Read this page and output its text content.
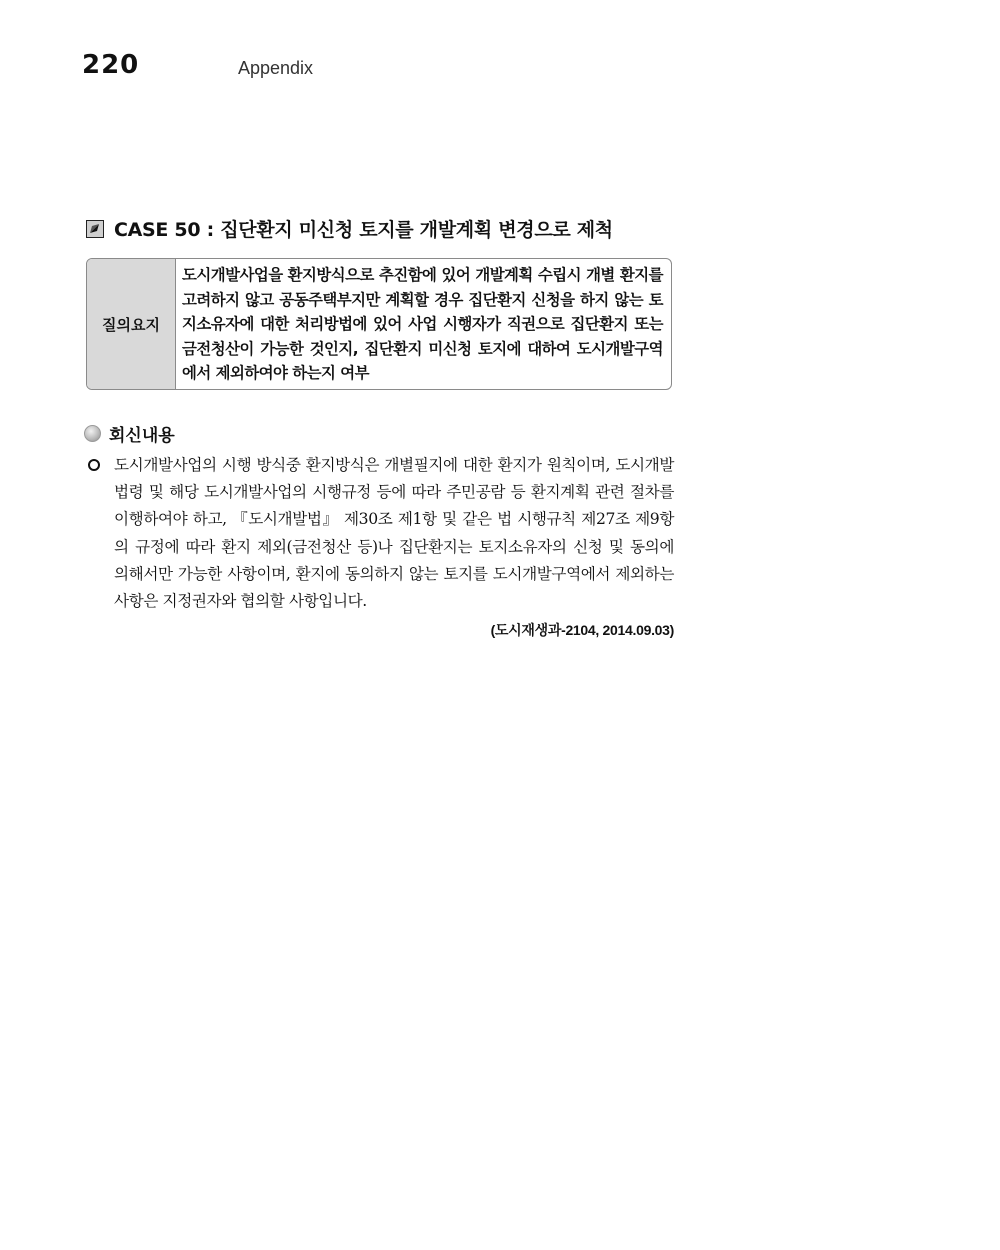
220	Appendix
CASE 50 : 집단환지 미신청 토지를 개발계획 변경으로 제척
질의요지
도시개발사업을 환지방식으로 추진함에 있어 개발계획 수립시 개별 환지를 고려하지 않고 공동주택부지만 계획할 경우 집단환지 신청을 하지 않는 토지소유자에 대한 처리방법에 있어 사업 시행자가 직권으로 집단환지 또는 금전청산이 가능한 것인지, 집단환지 미신청 토지에 대하여 도시개발구역에서 제외하여야 하는지 여부
회신내용
도시개발사업의 시행 방식중 환지방식은 개별필지에 대한 환지가 원칙이며, 도시개발법령 및 해당 도시개발사업의 시행규정 등에 따라 주민공람 등 환지계획 관련 절차를 이행하여야 하고, 『도시개발법』 제30조 제1항 및 같은 법 시행규칙 제27조 제9항의 규정에 따라 환지 제외(금전청산 등)나 집단환지는 토지소유자의 신청 및 동의에 의해서만 가능한 사항이며, 환지에 동의하지 않는 토지를 도시개발구역에서 제외하는 사항은 지정권자와 협의할 사항입니다.
(도시재생과-2104, 2014.09.03)
